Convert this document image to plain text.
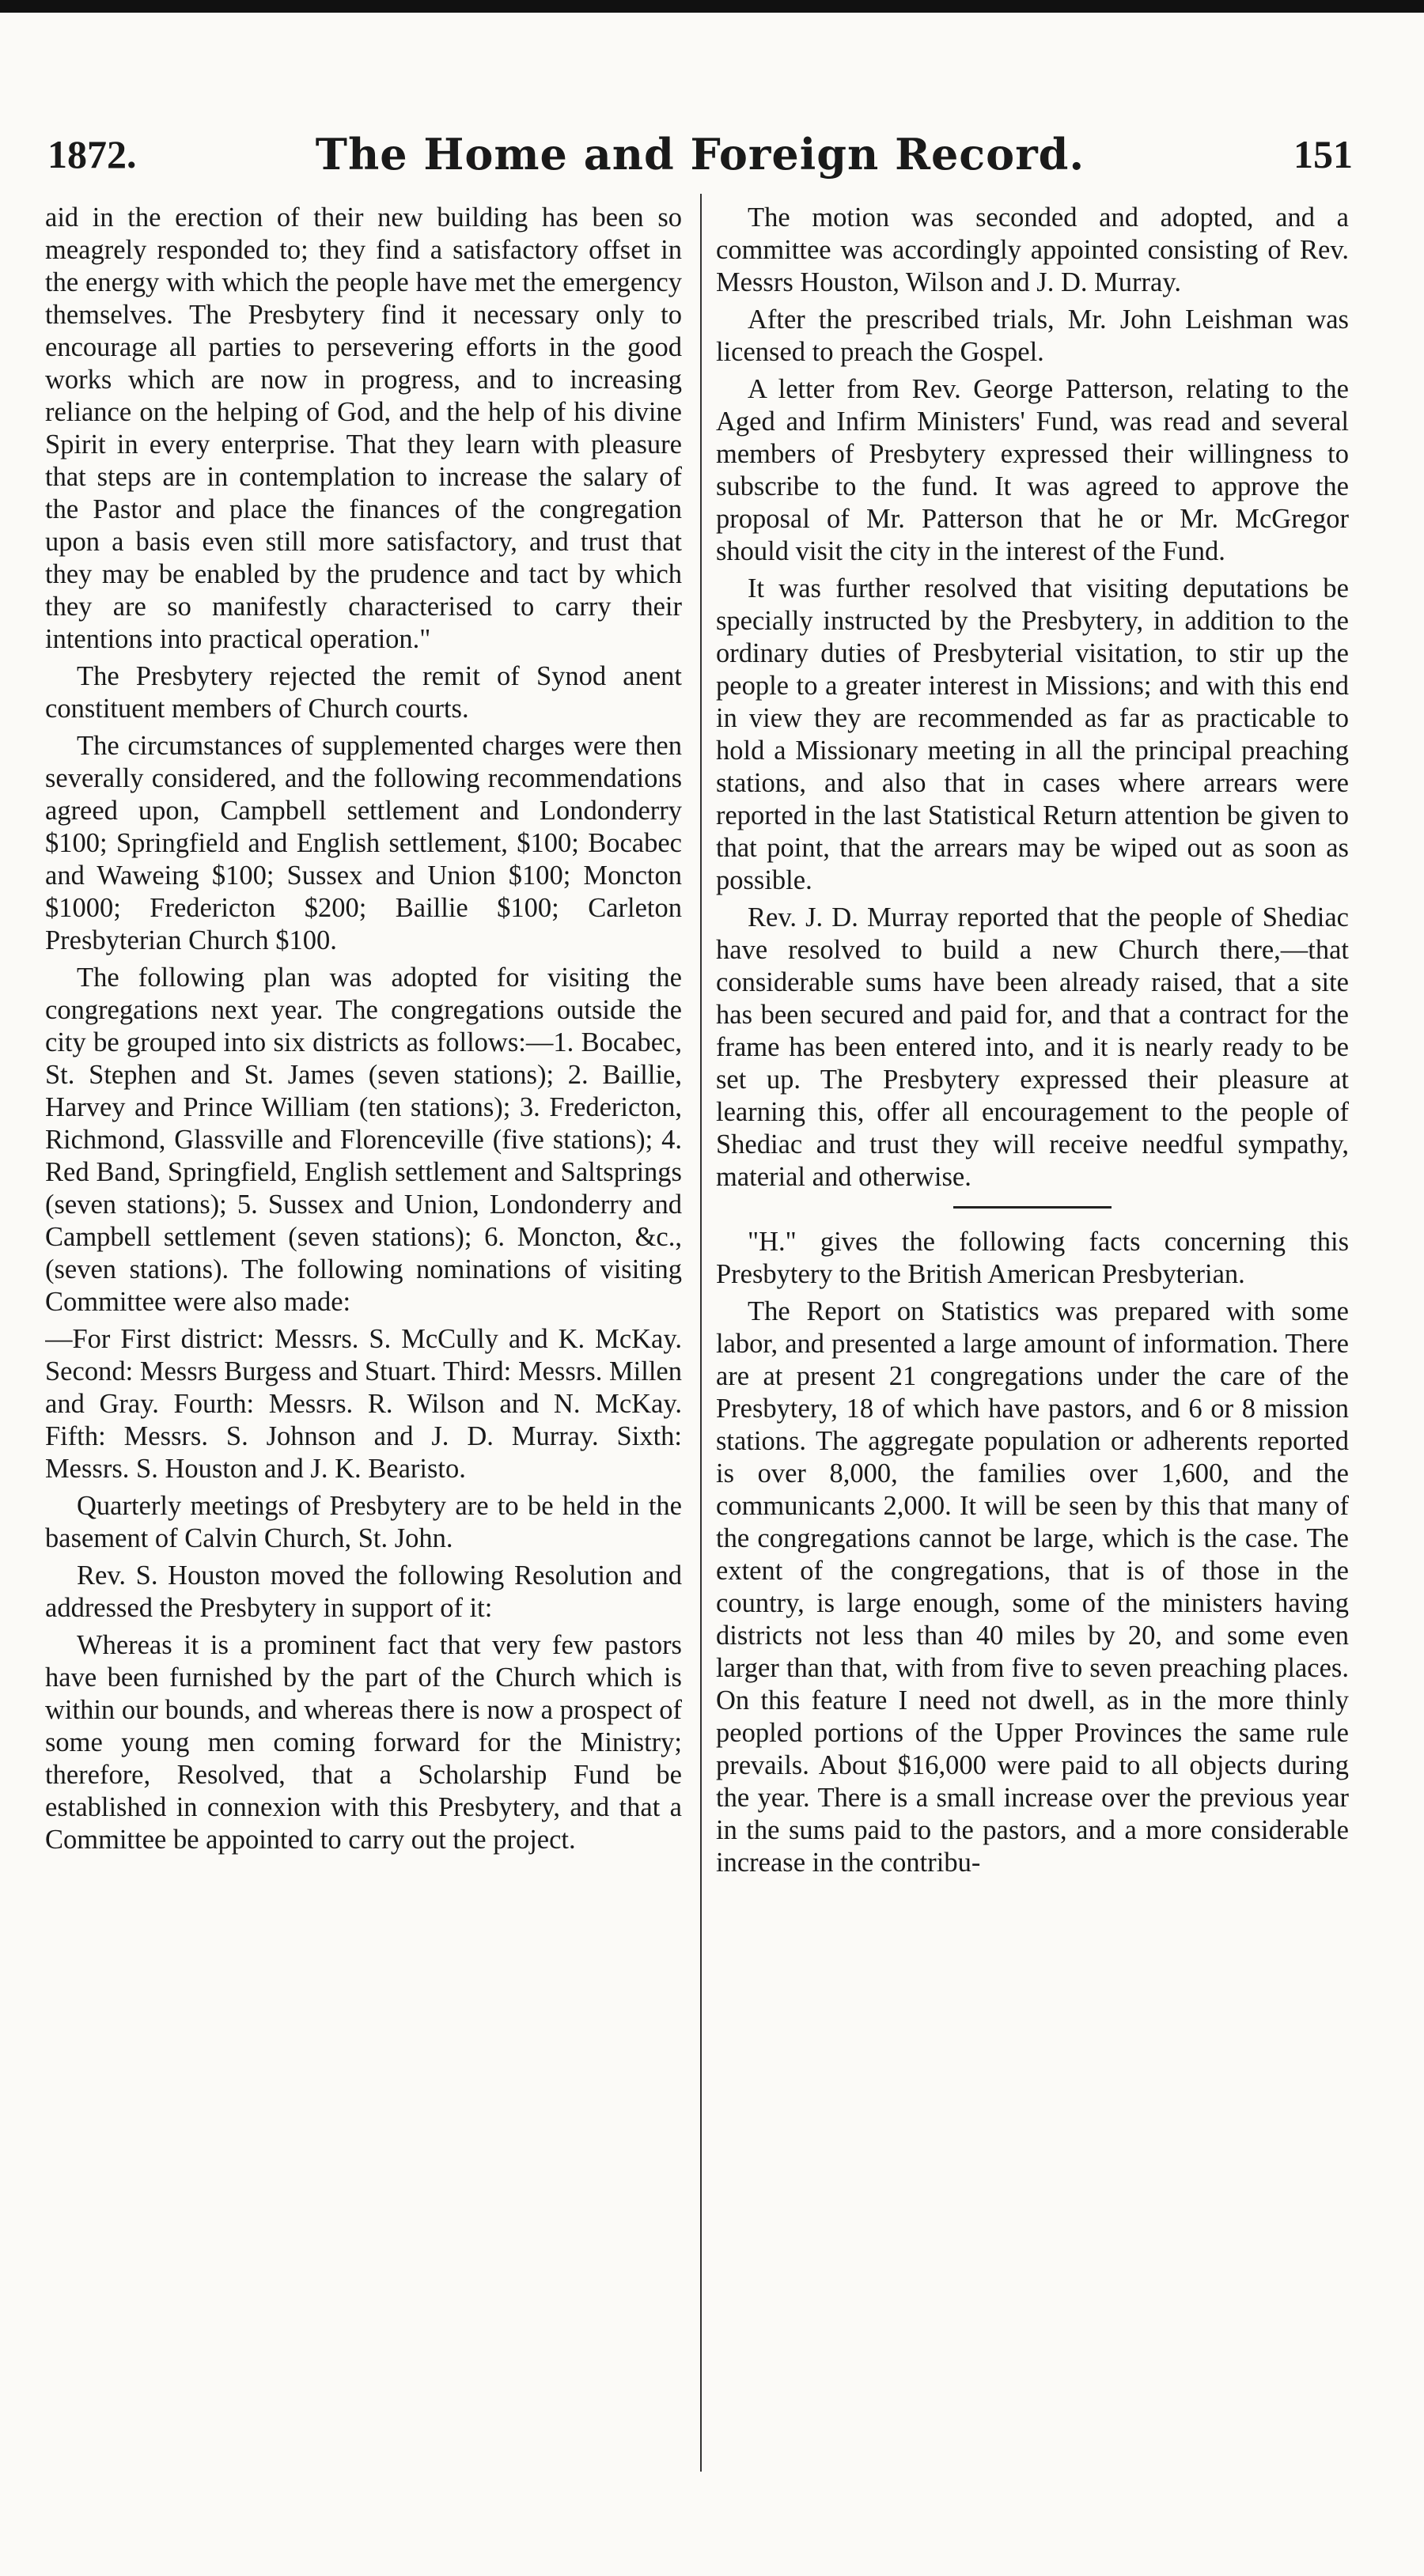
1872.	The Home and Foreign Record.	151

aid in the erection of their new building has been so meagrely responded to; they find a satisfactory offset in the energy with which the people have met the emergency themselves. The Presbytery find it necessary only to encourage all parties to persevering efforts in the good works which are now in progress, and to increasing reliance on the helping of God, and the help of his divine Spirit in every enterprise. That they learn with pleasure that steps are in contemplation to increase the salary of the Pastor and place the finances of the congregation upon a basis even still more satisfactory, and trust that they may be enabled by the prudence and tact by which they are so manifestly characterised to carry their intentions into practical operation."

The Presbytery rejected the remit of Synod anent constituent members of Church courts.

The circumstances of supplemented charges were then severally considered, and the following recommendations agreed upon, Campbell settlement and Londonderry $100; Springfield and English settlement, $100; Bocabec and Waweing $100; Sussex and Union $100; Moncton $1000; Fredericton $200; Baillie $100; Carleton Presbyterian Church $100.

The following plan was adopted for visiting the congregations next year. The congregations outside the city be grouped into six districts as follows:—1. Bocabec, St. Stephen and St. James (seven stations); 2. Baillie, Harvey and Prince William (ten stations); 3. Fredericton, Richmond, Glassville and Florenceville (five stations); 4. Red Band, Springfield, English settlement and Saltsprings (seven stations); 5. Sussex and Union, Londonderry and Campbell settlement (seven stations); 6. Moncton, &c., (seven stations). The following nominations of visiting Committee were also made:

—For First district: Messrs. S. McCully and K. McKay. Second: Messrs Burgess and Stuart. Third: Messrs. Millen and Gray. Fourth: Messrs. R. Wilson and N. McKay. Fifth: Messrs. S. Johnson and J. D. Murray. Sixth: Messrs. S. Houston and J. K. Bearisto.

Quarterly meetings of Presbytery are to be held in the basement of Calvin Church, St. John.

Rev. S. Houston moved the following Resolution and addressed the Presbytery in support of it:

Whereas it is a prominent fact that very few pastors have been furnished by the part of the Church which is within our bounds, and whereas there is now a prospect of some young men coming forward for the Ministry; therefore, Resolved, that a Scholarship Fund be established in connexion with this Presbytery, and that a Committee be appointed to carry out the project.

The motion was seconded and adopted, and a committee was accordingly appointed consisting of Rev. Messrs Houston, Wilson and J. D. Murray.

After the prescribed trials, Mr. John Leishman was licensed to preach the Gospel.

A letter from Rev. George Patterson, relating to the Aged and Infirm Ministers' Fund, was read and several members of Presbytery expressed their willingness to subscribe to the fund. It was agreed to approve the proposal of Mr. Patterson that he or Mr. McGregor should visit the city in the interest of the Fund.

It was further resolved that visiting deputations be specially instructed by the Presbytery, in addition to the ordinary duties of Presbyterial visitation, to stir up the people to a greater interest in Missions; and with this end in view they are recommended as far as practicable to hold a Missionary meeting in all the principal preaching stations, and also that in cases where arrears were reported in the last Statistical Return attention be given to that point, that the arrears may be wiped out as soon as possible.

Rev. J. D. Murray reported that the people of Shediac have resolved to build a new Church there,—that considerable sums have been already raised, that a site has been secured and paid for, and that a contract for the frame has been entered into, and it is nearly ready to be set up. The Presbytery expressed their pleasure at learning this, offer all encouragement to the people of Shediac and trust they will receive needful sympathy, material and otherwise.

"H." gives the following facts concerning this Presbytery to the British American Presbyterian.

The Report on Statistics was prepared with some labor, and presented a large amount of information. There are at present 21 congregations under the care of the Presbytery, 18 of which have pastors, and 6 or 8 mission stations. The aggregate population or adherents reported is over 8,000, the families over 1,600, and the communicants 2,000. It will be seen by this that many of the congregations cannot be large, which is the case. The extent of the congregations, that is of those in the country, is large enough, some of the ministers having districts not less than 40 miles by 20, and some even larger than that, with from five to seven preaching places. On this feature I need not dwell, as in the more thinly peopled portions of the Upper Provinces the same rule prevails. About $16,000 were paid to all objects during the year. There is a small increase over the previous year in the sums paid to the pastors, and a more considerable increase in the contribu-
